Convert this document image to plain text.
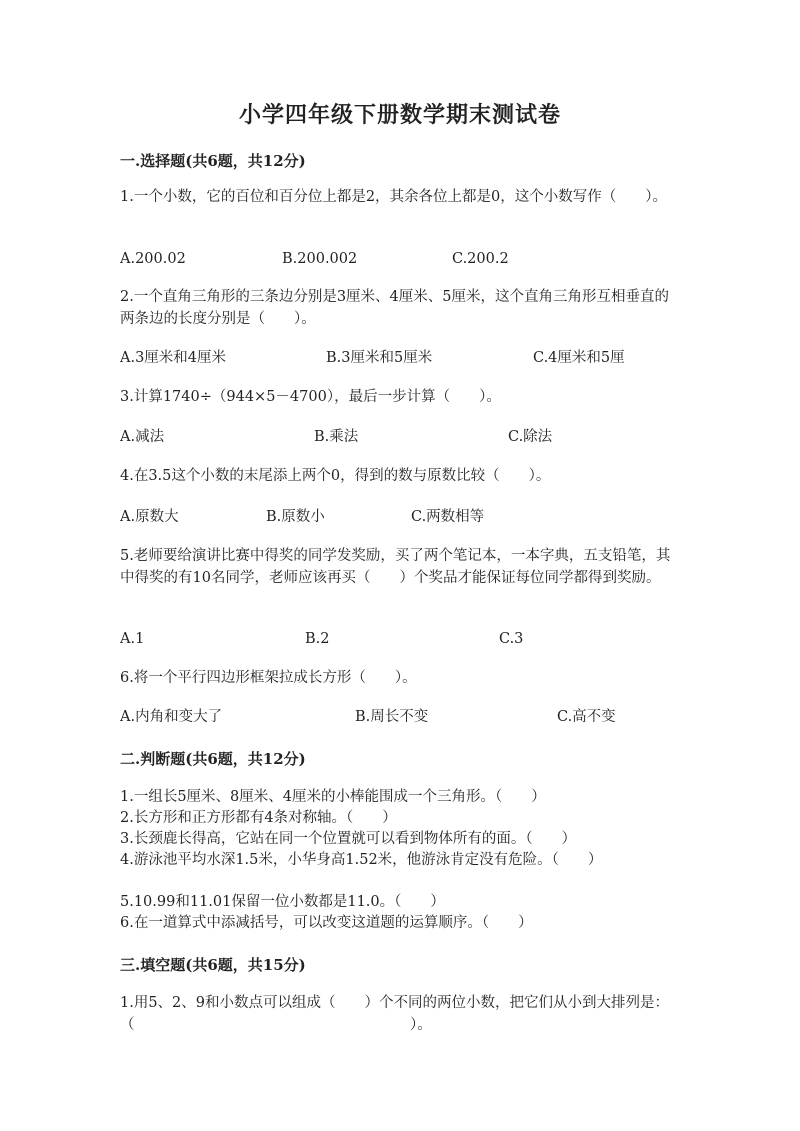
小学四年级下册数学期末测试卷
一.选择题(共6题，共12分)
1.一个小数，它的百位和百分位上都是2，其余各位上都是0，这个小数写作（　　）。
A.200.02	B.200.002	C.200.2
2.一个直角三角形的三条边分别是3厘米、4厘米、5厘米，这个直角三角形互相垂直的两条边的长度分别是（　　）。
A.3厘米和4厘米	B.3厘米和5厘米	C.4厘米和5厘
3.计算1740÷（944×5－4700），最后一步计算（　　）。
A.减法	B.乘法	C.除法
4.在3.5这个小数的末尾添上两个0，得到的数与原数比较（　　）。
A.原数大	B.原数小	C.两数相等
5.老师要给演讲比赛中得奖的同学发奖励，买了两个笔记本，一本字典，五支铅笔，其中得奖的有10名同学，老师应该再买（　　）个奖品才能保证每位同学都得到奖励。
A.1	B.2	C.3
6.将一个平行四边形框架拉成长方形（　　）。
A.内角和变大了	B.周长不变	C.高不变
二.判断题(共6题，共12分)
1.一组长5厘米、8厘米、4厘米的小棒能围成一个三角形。（　　）
2.长方形和正方形都有4条对称轴。（　　）
3.长颈鹿长得高，它站在同一个位置就可以看到物体所有的面。（　　）
4.游泳池平均水深1.5米，小华身高1.52米，他游泳肯定没有危险。（　　）
5.10.99和11.01保留一位小数都是11.0。（　　）
6.在一道算式中添减括号，可以改变这道题的运算顺序。（　　）
三.填空题(共6题，共15分)
1.用5、2、9和小数点可以组成（　　）个不同的两位小数，把它们从小到大排列是：（　　　　　　　　　　　　　　　　　　　）。
